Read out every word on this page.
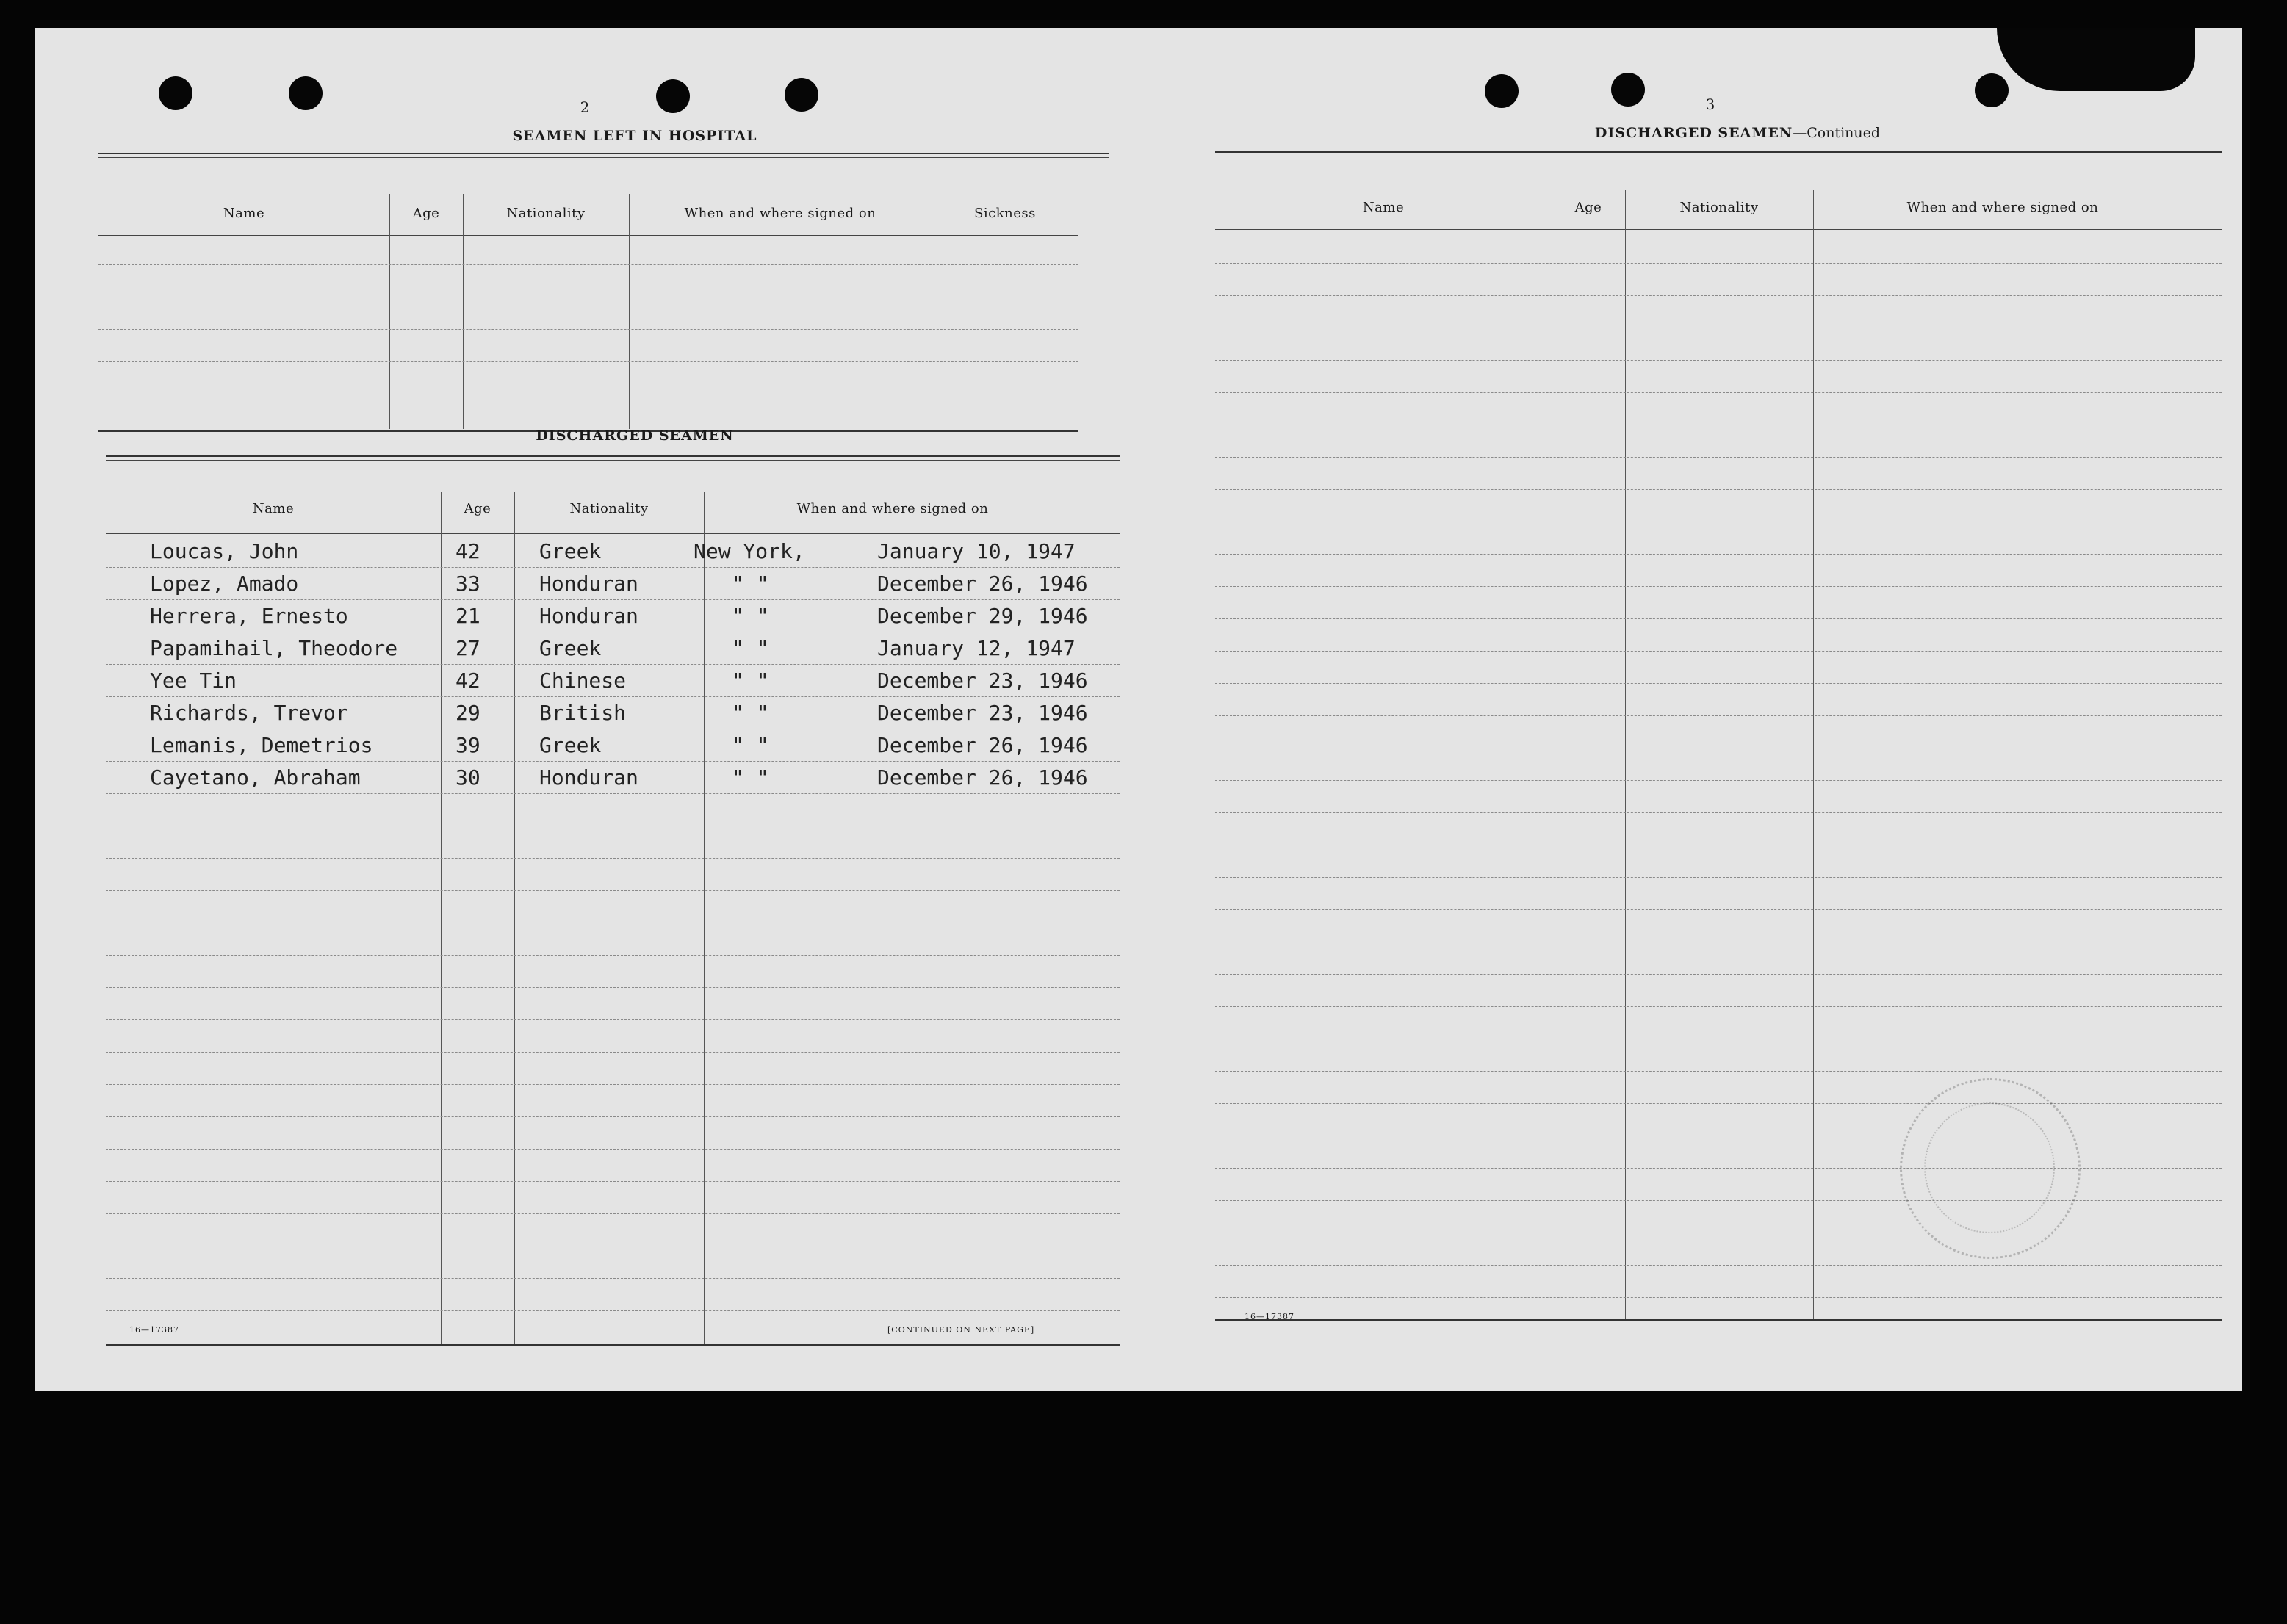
2
SEAMEN LEFT IN HOSPITAL
Name	Age	Nationality	When and where signed on	Sickness
DISCHARGED SEAMEN
Name	Age	Nationality	When and where signed on
Loucas, John	42	Greek	New York,	January 10, 1947
Lopez, Amado	33	Honduran	" "	December 26, 1946
Herrera, Ernesto	21	Honduran	" "	December 29, 1946
Papamihail, Theodore	27	Greek	" "	January 12, 1947
Yee Tin	42	Chinese	" "	December 23, 1946
Richards, Trevor	29	British	" "	December 23, 1946
Lemanis, Demetrios	39	Greek	" "	December 26, 1946
Cayetano, Abraham	30	Honduran	" "	December 26, 1946
16—17387	[CONTINUED ON NEXT PAGE]
3
DISCHARGED SEAMEN—Continued
Name	Age	Nationality	When and where signed on
16—17387
